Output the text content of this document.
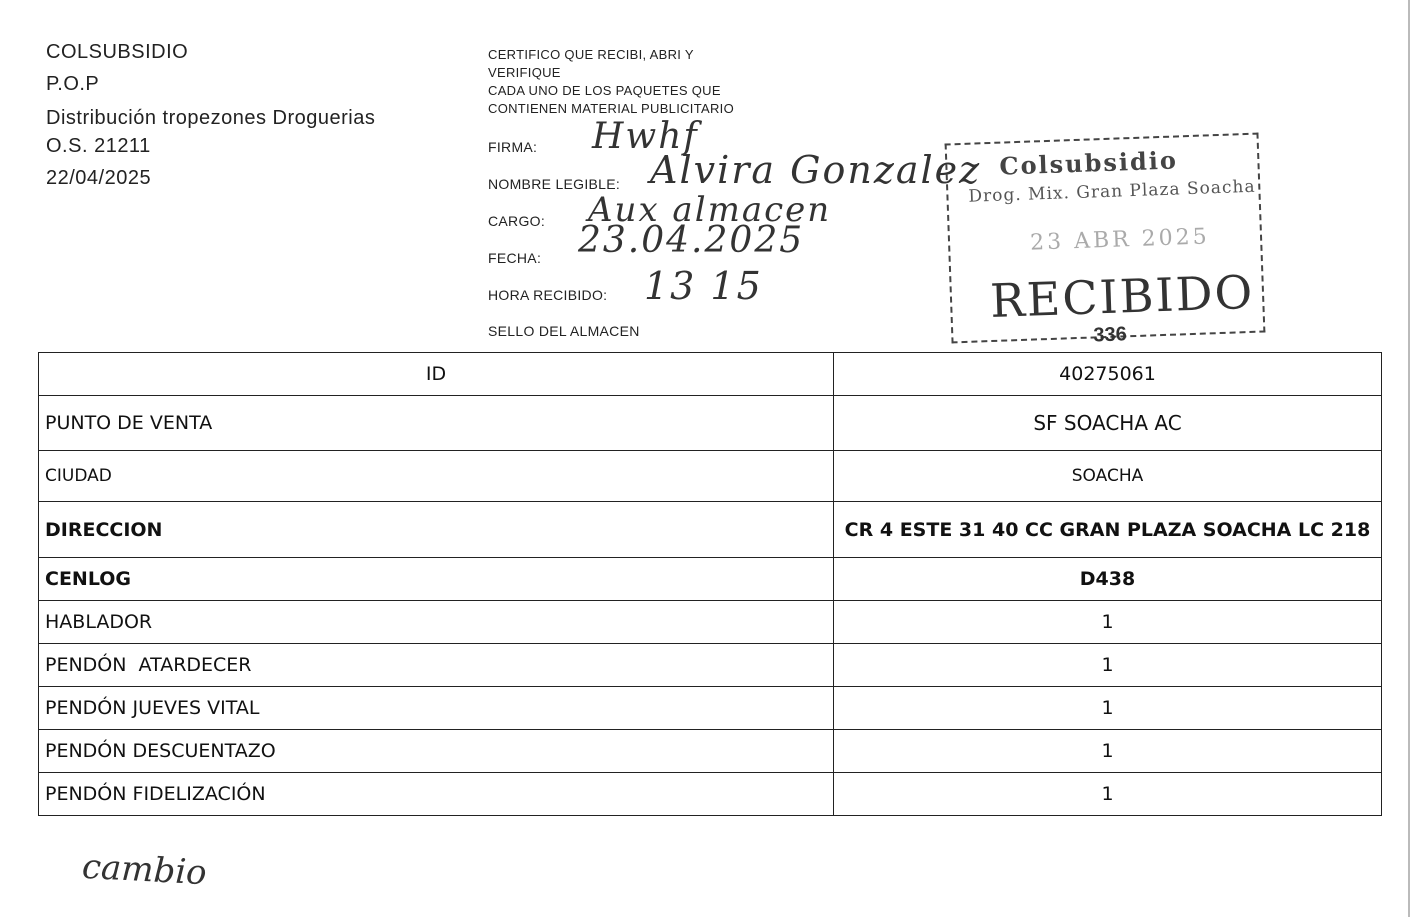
COLSUBSIDIO
P.O.P
Distribución tropezones Droguerias
O.S. 21211
22/04/2025
CERTIFICO QUE RECIBI, ABRI Y
VERIFIQUE
CADA UNO DE LOS PAQUETES QUE
CONTIENEN MATERIAL PUBLICITARIO
FIRMA: Hwhf
NOMBRE LEGIBLE: Alvira Gonzalez
CARGO: Aux almacen
FECHA: 23.04.2025
HORA RECIBIDO: 13 15
SELLO DEL ALMACEN
Colsubsidio
Drog. Mix. Gran Plaza Soacha
23 ABR 2025
RECIBIDO
336
ID	40275061
PUNTO DE VENTA	SF SOACHA AC
CIUDAD	SOACHA
DIRECCION	CR 4 ESTE 31 40 CC GRAN PLAZA SOACHA LC 218
CENLOG	D438
HABLADOR	1
PENDÓN  ATARDECER	1
PENDÓN JUEVES VITAL	1
PENDÓN DESCUENTAZO	1
PENDÓN FIDELIZACIÓN	1
cambio
